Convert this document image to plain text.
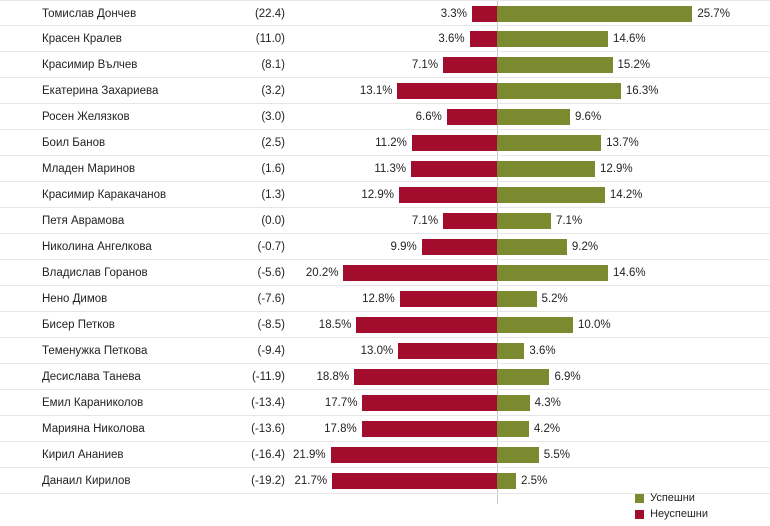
Томислав Дончев	(22.4)	3.3%	25.7%
Красен Кралев	(11.0)	3.6%	14.6%
Красимир Вълчев	(8.1)	7.1%	15.2%
Екатерина Захариева	(3.2)	13.1%	16.3%
Росен Желязков	(3.0)	6.6%	9.6%
Боил Банов	(2.5)	11.2%	13.7%
Младен Маринов	(1.6)	11.3%	12.9%
Красимир Каракачанов	(1.3)	12.9%	14.2%
Петя Аврамова	(0.0)	7.1%	7.1%
Николина Ангелкова	(-0.7)	9.9%	9.2%
Владислав Горанов	(-5.6) 20.2%	14.6%
Нено Димов	(-7.6)	12.8%	5.2%
Бисер Петков	(-8.5)	18.5%	10.0%
Теменужка Петкова	(-9.4)	13.0%	3.6%
Десислава Танева	(-11.9)	18.8%	6.9%
Емил Караниколов	(-13.4)	17.7%	4.3%
Марияна Николова	(-13.6)	17.8%	4.2%
Кирил Ананиев	(-16.4) 21.9%	5.5%
Данаил Кирилов	(-19.2) 21.7%	2.5%
Успешни
Неуспешни
